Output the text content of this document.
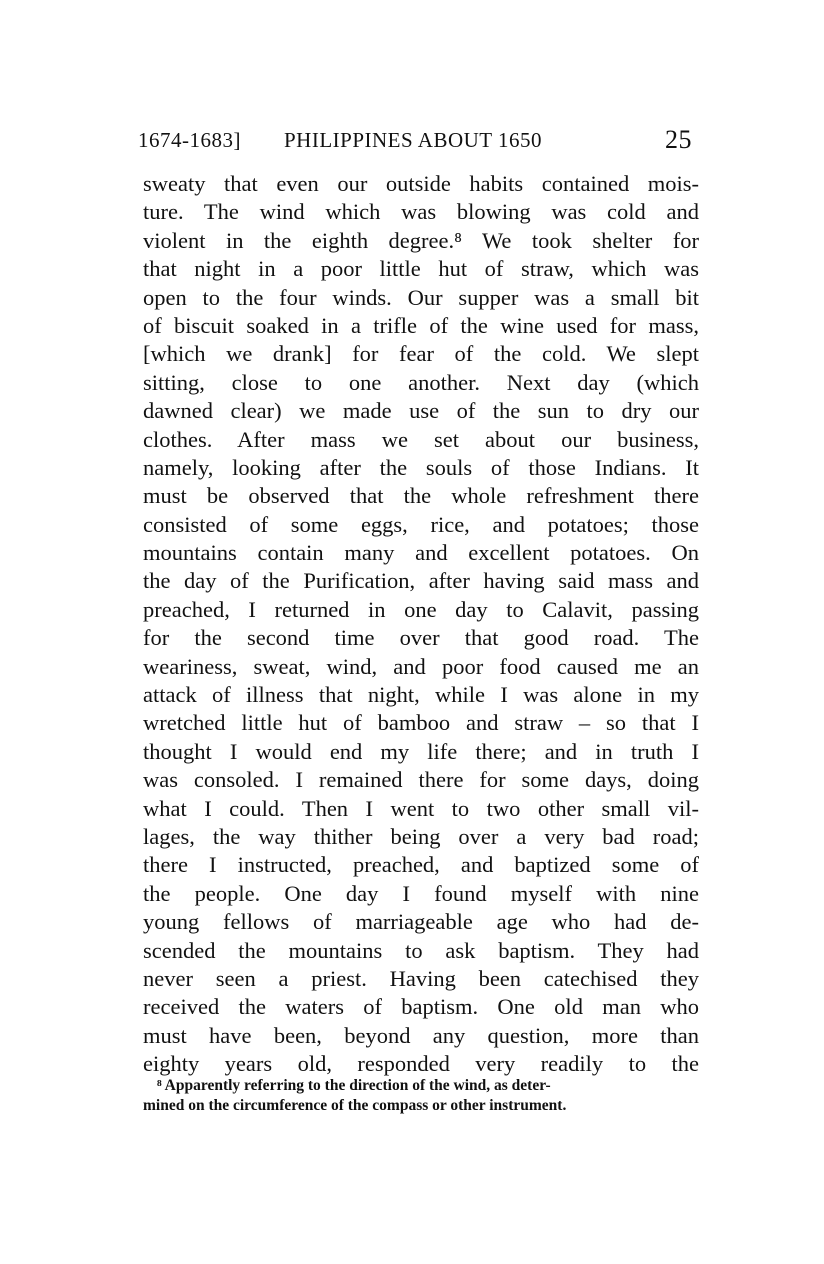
1674-1683] PHILIPPINES ABOUT 1650	25
sweaty that even our outside habits contained mois-
ture. The wind which was blowing was cold and
violent in the eighth degree.⁸ We took shelter for
that night in a poor little hut of straw, which was
open to the four winds. Our supper was a small bit
of biscuit soaked in a trifle of the wine used for mass,
[which we drank] for fear of the cold. We slept
sitting, close to one another. Next day (which
dawned clear) we made use of the sun to dry our
clothes. After mass we set about our business,
namely, looking after the souls of those Indians. It
must be observed that the whole refreshment there
consisted of some eggs, rice, and potatoes; those
mountains contain many and excellent potatoes. On
the day of the Purification, after having said mass and
preached, I returned in one day to Calavit, passing
for the second time over that good road. The
weariness, sweat, wind, and poor food caused me an
attack of illness that night, while I was alone in my
wretched little hut of bamboo and straw – so that I
thought I would end my life there; and in truth I
was consoled. I remained there for some days, doing
what I could. Then I went to two other small vil-
lages, the way thither being over a very bad road;
there I instructed, preached, and baptized some of
the people. One day I found myself with nine
young fellows of marriageable age who had de-
scended the mountains to ask baptism. They had
never seen a priest. Having been catechised they
received the waters of baptism. One old man who
must have been, beyond any question, more than
eighty years old, responded very readily to the
⁸ Apparently referring to the direction of the wind, as deter-
mined on the circumference of the compass or other instrument.
